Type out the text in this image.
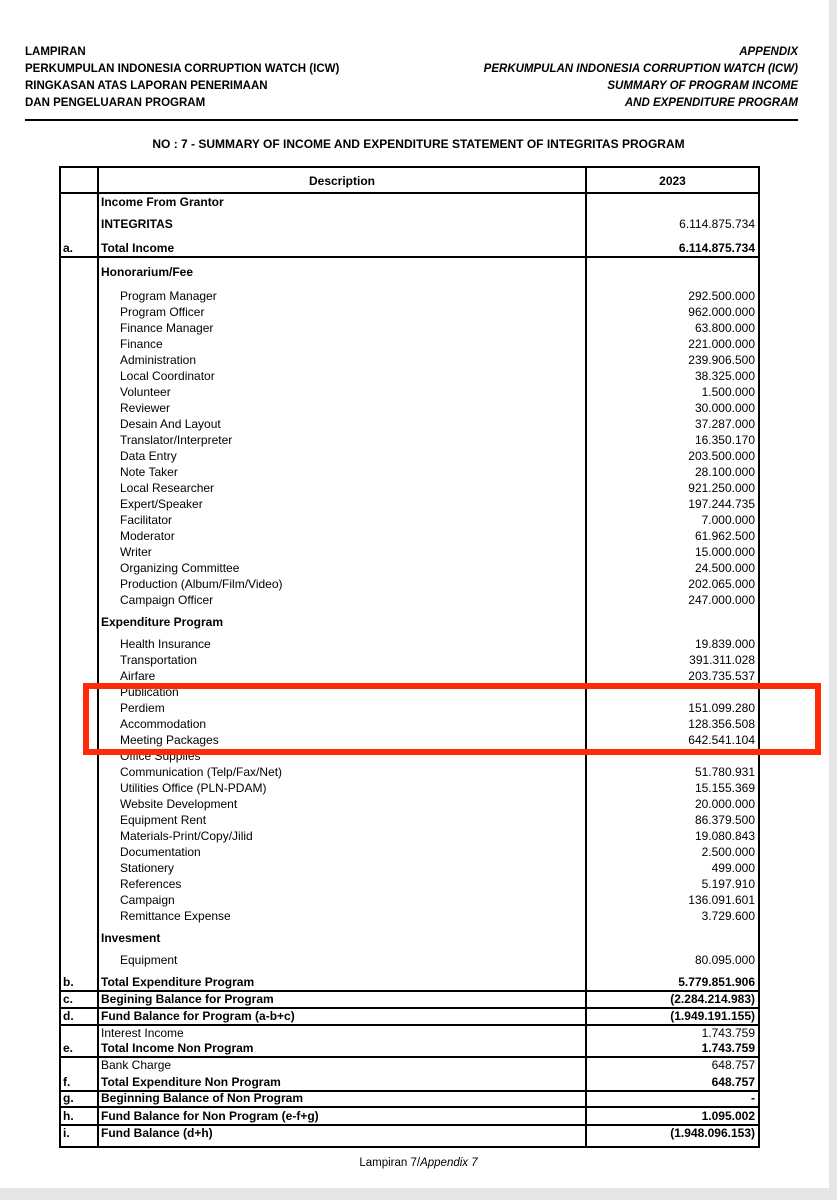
LAMPIRAN
PERKUMPULAN INDONESIA CORRUPTION WATCH (ICW)
RINGKASAN ATAS LAPORAN PENERIMAAN
DAN PENGELUARAN PROGRAM
APPENDIX
PERKUMPULAN INDONESIA CORRUPTION WATCH (ICW)
SUMMARY OF PROGRAM INCOME
AND EXPENDITURE PROGRAM
NO : 7 - SUMMARY OF INCOME AND EXPENDITURE STATEMENT OF INTEGRITAS PROGRAM
Description	2023
Income From Grantor
INTEGRITAS	6.114.875.734
a. Total Income	6.114.875.734
Honorarium/Fee
Program Manager	292.500.000
Program Officer	962.000.000
Finance Manager	63.800.000
Finance	221.000.000
Administration	239.906.500
Local Coordinator	38.325.000
Volunteer	1.500.000
Reviewer	30.000.000
Desain And Layout	37.287.000
Translator/Interpreter	16.350.170
Data Entry	203.500.000
Note Taker	28.100.000
Local Researcher	921.250.000
Expert/Speaker	197.244.735
Facilitator	7.000.000
Moderator	61.962.500
Writer	15.000.000
Organizing Committee	24.500.000
Production (Album/Film/Video)	202.065.000
Campaign Officer	247.000.000
Expenditure Program
Health Insurance	19.839.000
Transportation	391.311.028
Airfare	203.735.537
Publication
Perdiem	151.099.280
Accommodation	128.356.508
Meeting Packages	642.541.104
Office Supplies
Communication (Telp/Fax/Net)	51.780.931
Utilities Office (PLN-PDAM)	15.155.369
Website Development	20.000.000
Equipment Rent	86.379.500
Materials-Print/Copy/Jilid	19.080.843
Documentation	2.500.000
Stationery	499.000
References	5.197.910
Campaign	136.091.601
Remittance Expense	3.729.600
Invesment
Equipment	80.095.000
b. Total Expenditure Program	5.779.851.906
c. Begining Balance for Program	(2.284.214.983)
d. Fund Balance for Program (a-b+c)	(1.949.191.155)
Interest Income	1.743.759
e. Total Income Non Program	1.743.759
Bank Charge	648.757
f.	Total Expenditure Non Program	648.757
g. Beginning Balance of Non Program	-
h. Fund Balance for Non Program (e-f+g)	1.095.002
i.	Fund Balance (d+h)	(1.948.096.153)
Lampiran 7/Appendix 7
